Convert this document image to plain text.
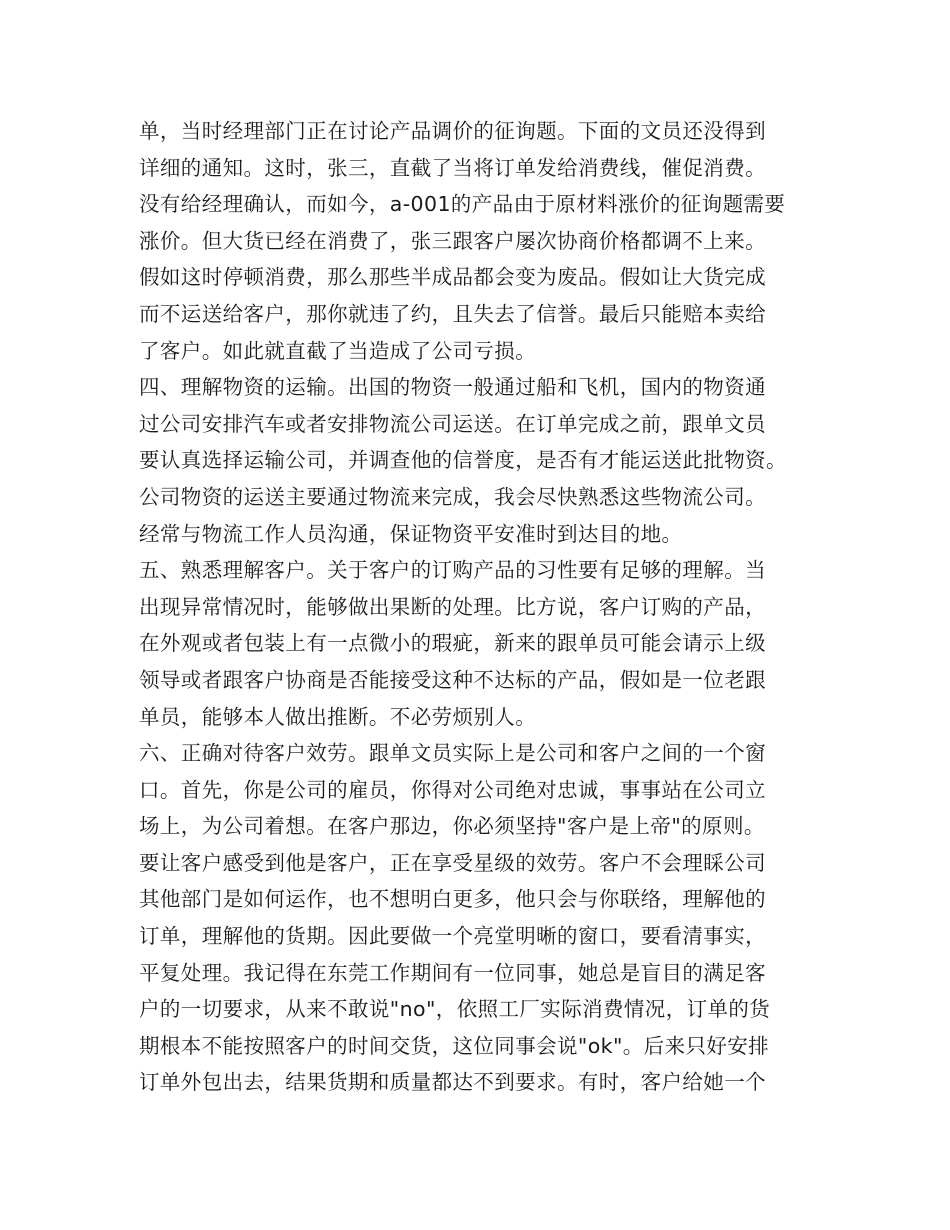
单，当时经理部门正在讨论产品调价的征询题。下面的文员还没得到
详细的通知。这时，张三，直截了当将订单发给消费线，催促消费。
没有给经理确认，而如今，a-001的产品由于原材料涨价的征询题需要
涨价。但大货已经在消费了，张三跟客户屡次协商价格都调不上来。
假如这时停顿消费，那么那些半成品都会变为废品。假如让大货完成
而不运送给客户，那你就违了约，且失去了信誉。最后只能赔本卖给
了客户。如此就直截了当造成了公司亏损。
四、理解物资的运输。出国的物资一般通过船和飞机，国内的物资通
过公司安排汽车或者安排物流公司运送。在订单完成之前，跟单文员
要认真选择运输公司，并调查他的信誉度，是否有才能运送此批物资。
公司物资的运送主要通过物流来完成，我会尽快熟悉这些物流公司。
经常与物流工作人员沟通，保证物资平安准时到达目的地。
五、熟悉理解客户。关于客户的订购产品的习性要有足够的理解。当
出现异常情况时，能够做出果断的处理。比方说，客户订购的产品，
在外观或者包装上有一点微小的瑕疵，新来的跟单员可能会请示上级
领导或者跟客户协商是否能接受这种不达标的产品，假如是一位老跟
单员，能够本人做出推断。不必劳烦别人。
六、正确对待客户效劳。跟单文员实际上是公司和客户之间的一个窗
口。首先，你是公司的雇员，你得对公司绝对忠诚，事事站在公司立
场上，为公司着想。在客户那边，你必须坚持"客户是上帝"的原则。
要让客户感受到他是客户，正在享受星级的效劳。客户不会理睬公司
其他部门是如何运作，也不想明白更多，他只会与你联络，理解他的
订单，理解他的货期。因此要做一个亮堂明晰的窗口，要看清事实，
平复处理。我记得在东莞工作期间有一位同事，她总是盲目的满足客
户的一切要求，从来不敢说"no"，依照工厂实际消费情况，订单的货
期根本不能按照客户的时间交货，这位同事会说"ok"。后来只好安排
订单外包出去，结果货期和质量都达不到要求。有时，客户给她一个
